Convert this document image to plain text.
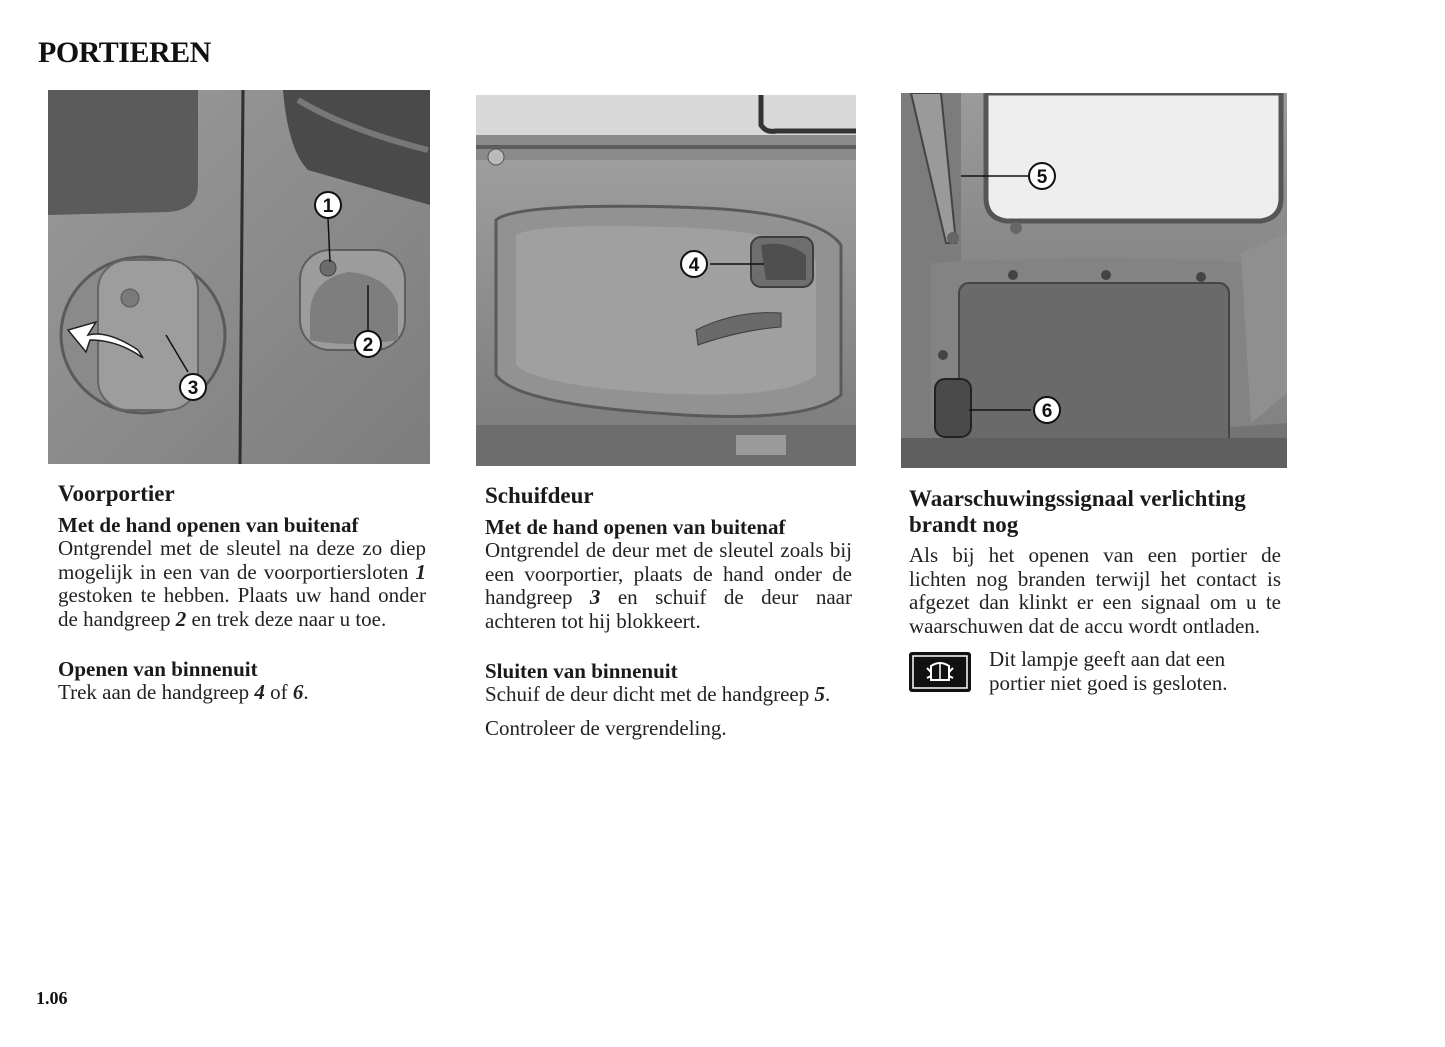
PORTIEREN
1
2
3
4
5
6
Voorportier
Met de hand openen van buitenaf
Ontgrendel met de sleutel na deze zo diep mogelijk in een van de voorportiersloten 1 gestoken te hebben. Plaats uw hand onder de handgreep 2 en trek deze naar u toe.
Openen van binnenuit
Trek aan de handgreep 4 of 6.
Schuifdeur
Met de hand openen van buitenaf
Ontgrendel de deur met de sleutel zoals bij een voorportier, plaats de hand onder de handgreep 3 en schuif de deur naar achteren tot hij blokkeert.
Sluiten van binnenuit
Schuif de deur dicht met de handgreep 5.
Controleer de vergrendeling.
Waarschuwingssignaal verlichting brandt nog
Als bij het openen van een portier de lichten nog branden terwijl het contact is afgezet dan klinkt er een signaal om u te waarschuwen dat de accu wordt ontladen.
Dit lampje geeft aan dat een portier niet goed is gesloten.
1.06
